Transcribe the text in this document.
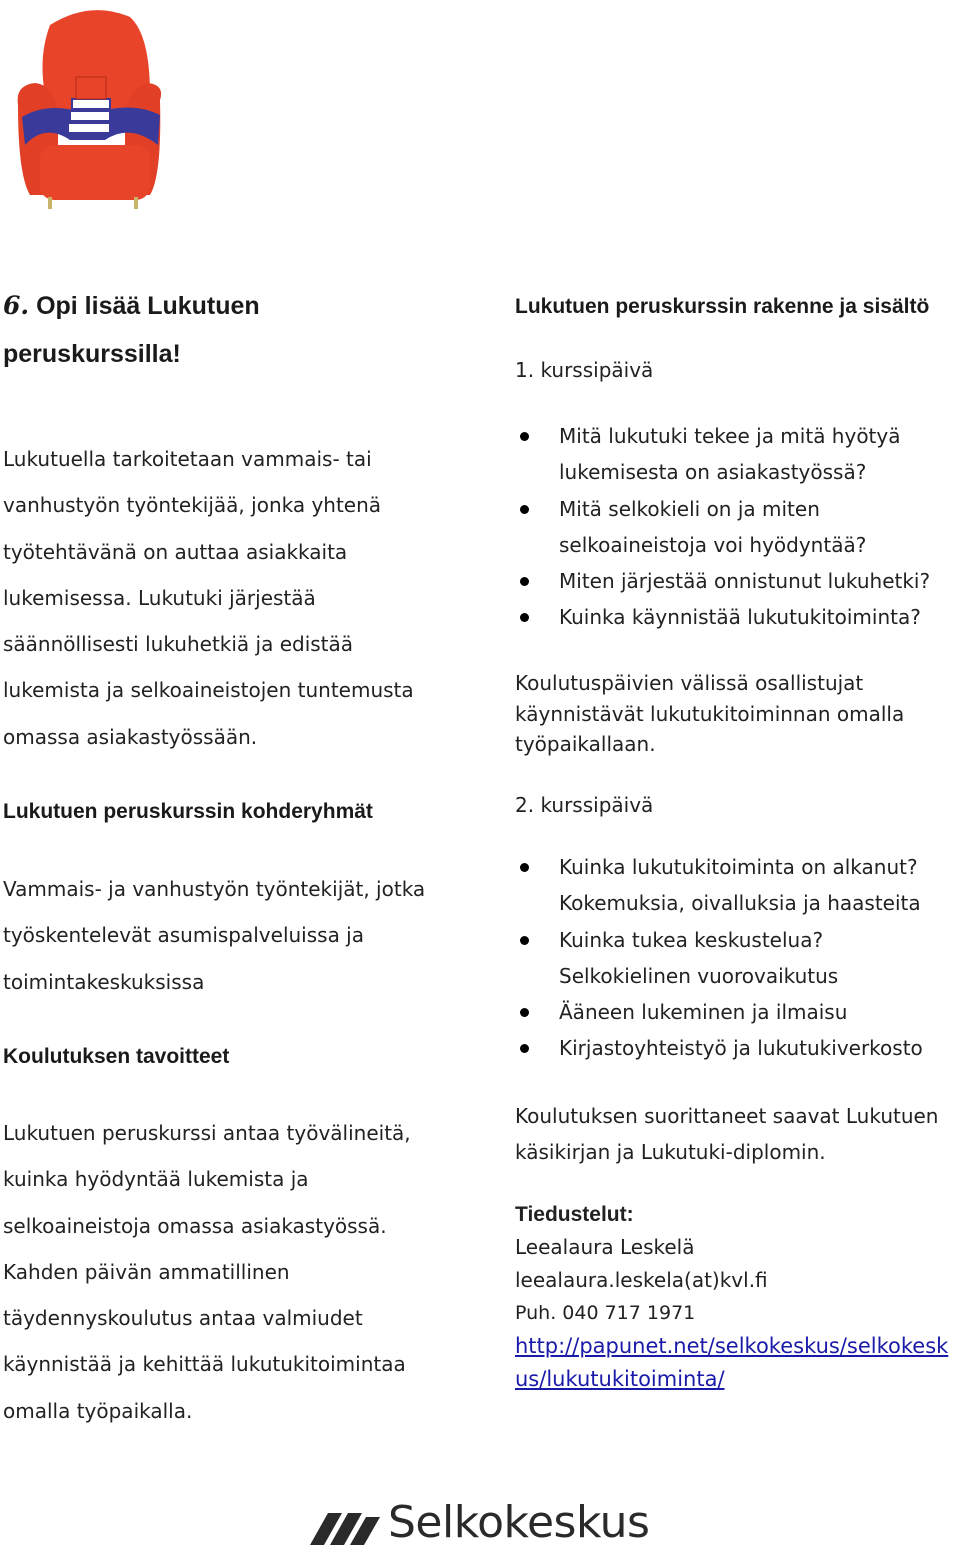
6. Opi lisää Lukutuen

peruskurssilla!

Lukutuella tarkoitetaan vammais- tai

vanhustyön työntekijää, jonka yhtenä

työtehtävänä on auttaa asiakkaita

lukemisessa. Lukutuki järjestää

säännöllisesti lukuhetkiä ja edistää

lukemista ja selkoaineistojen tuntemusta

omassa asiakastyössään.

Lukutuen peruskurssin kohderyhmät

Vammais- ja vanhustyön työntekijät, jotka

työskentelevät asumispalveluissa ja

toimintakeskuksissa

Koulutuksen tavoitteet

Lukutuen peruskurssi antaa työvälineitä,

kuinka hyödyntää lukemista ja

selkoaineistoja omassa asiakastyössä.

Kahden päivän ammatillinen

täydennyskoulutus antaa valmiudet

käynnistää ja kehittää lukutukitoimintaa

omalla työpaikalla.

Lukutuen peruskurssin rakenne ja sisältö

1. kurssipäivä

Mitä lukutuki tekee ja mitä hyötyä
lukemisesta on asiakastyössä?
Mitä selkokieli on ja miten
selkoaineistoja voi hyödyntää?
Miten järjestää onnistunut lukuhetki?
Kuinka käynnistää lukutukitoiminta?

Koulutuspäivien välissä osallistujat

käynnistävät lukutukitoiminnan omalla

työpaikallaan.

2. kurssipäivä

Kuinka lukutukitoiminta on alkanut?
Kokemuksia, oivalluksia ja haasteita
Kuinka tukea keskustelua?
Selkokielinen vuorovaikutus
Ääneen lukeminen ja ilmaisu
Kirjastoyhteistyö ja lukutukiverkosto

Koulutuksen suorittaneet saavat Lukutuen

käsikirjan ja Lukutuki-diplomin.

Tiedustelut:

Leealaura Leskelä

leealaura.leskela(at)kvl.fi

Puh. 040 717 1971

http://papunet.net/selkokeskus/selkokesk
us/lukutukitoiminta/
Selkokeskus
